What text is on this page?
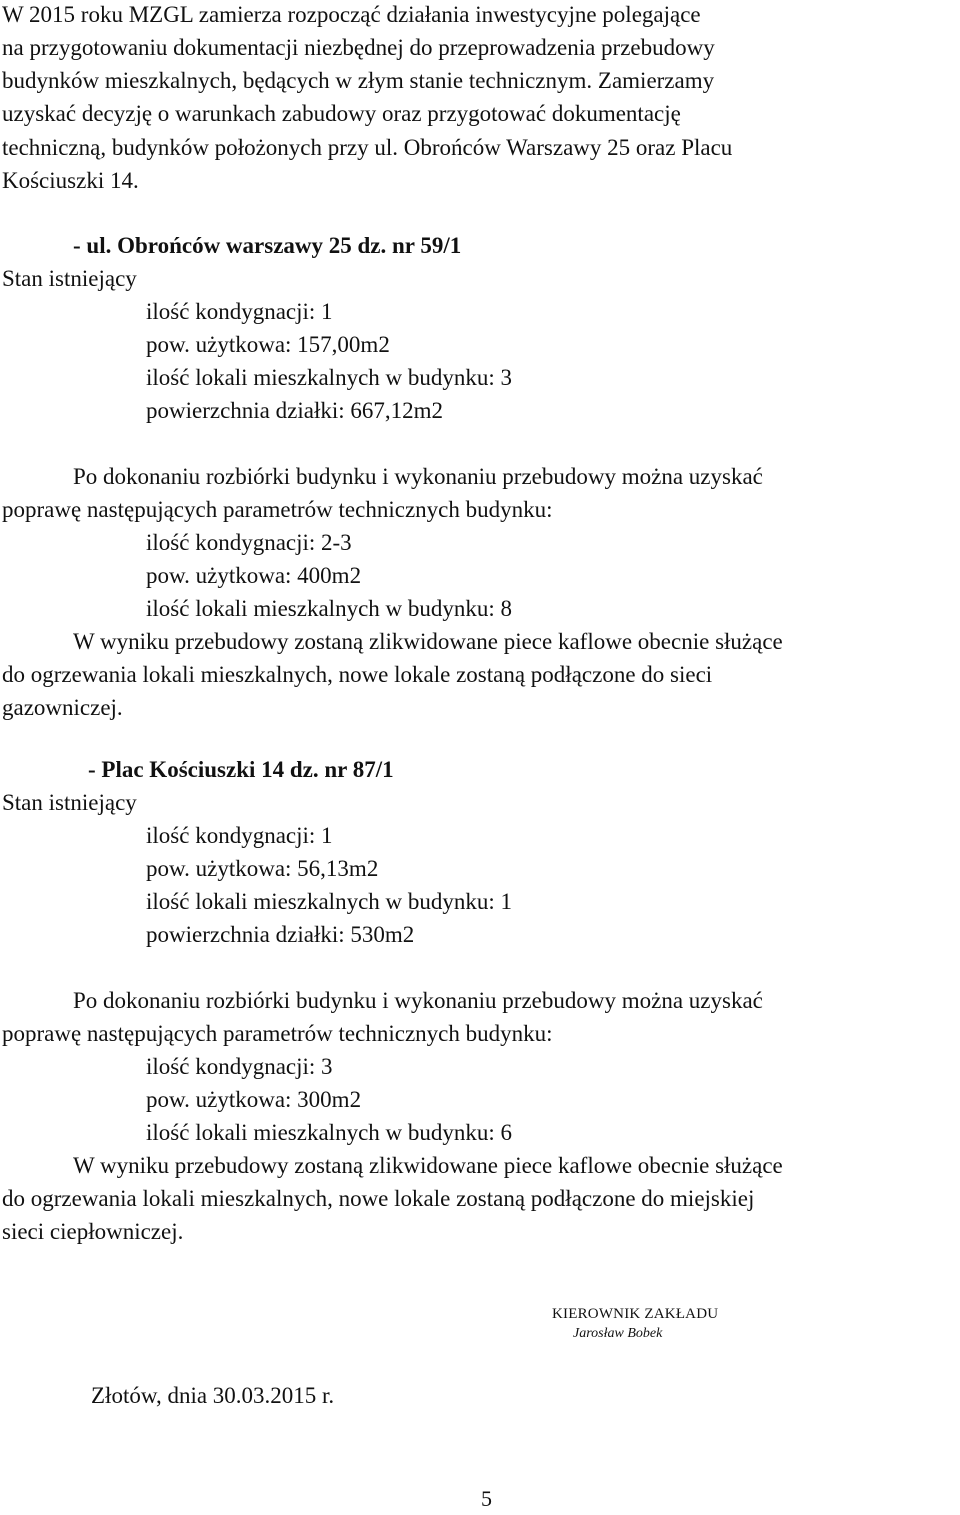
W 2015 roku MZGL zamierza rozpocząć działania inwestycyjne polegające

na przygotowaniu dokumentacji niezbędnej do przeprowadzenia przebudowy

budynków mieszkalnych, będących w złym stanie technicznym. Zamierzamy

uzyskać decyzję o warunkach zabudowy oraz przygotować dokumentację

techniczną, budynków położonych przy ul. Obrońców Warszawy 25 oraz Placu

Kościuszki 14.

- ul. Obrońców warszawy 25 dz. nr 59/1

Stan istniejący

ilość kondygnacji: 1

pow. użytkowa: 157,00m2

ilość lokali mieszkalnych w budynku: 3

powierzchnia działki: 667,12m2

Po dokonaniu rozbiórki budynku i wykonaniu przebudowy można uzyskać

poprawę następujących parametrów technicznych budynku:

ilość kondygnacji: 2-3

pow. użytkowa: 400m2

ilość lokali mieszkalnych w budynku: 8

W wyniku przebudowy zostaną zlikwidowane piece kaflowe obecnie służące

do ogrzewania lokali mieszkalnych, nowe lokale zostaną podłączone do sieci

gazowniczej.

- Plac Kościuszki 14 dz. nr 87/1

Stan istniejący

ilość kondygnacji: 1

pow. użytkowa: 56,13m2

ilość lokali mieszkalnych w budynku: 1

powierzchnia działki: 530m2

Po dokonaniu rozbiórki budynku i wykonaniu przebudowy można uzyskać

poprawę następujących parametrów technicznych budynku:

ilość kondygnacji: 3

pow. użytkowa: 300m2

ilość lokali mieszkalnych w budynku: 6

W wyniku przebudowy zostaną zlikwidowane piece kaflowe obecnie służące

do ogrzewania lokali mieszkalnych, nowe lokale zostaną podłączone do miejskiej

sieci ciepłowniczej.

KIEROWNIK ZAKŁADU
Jarosław Bobek

Złotów, dnia 30.03.2015 r.

5
